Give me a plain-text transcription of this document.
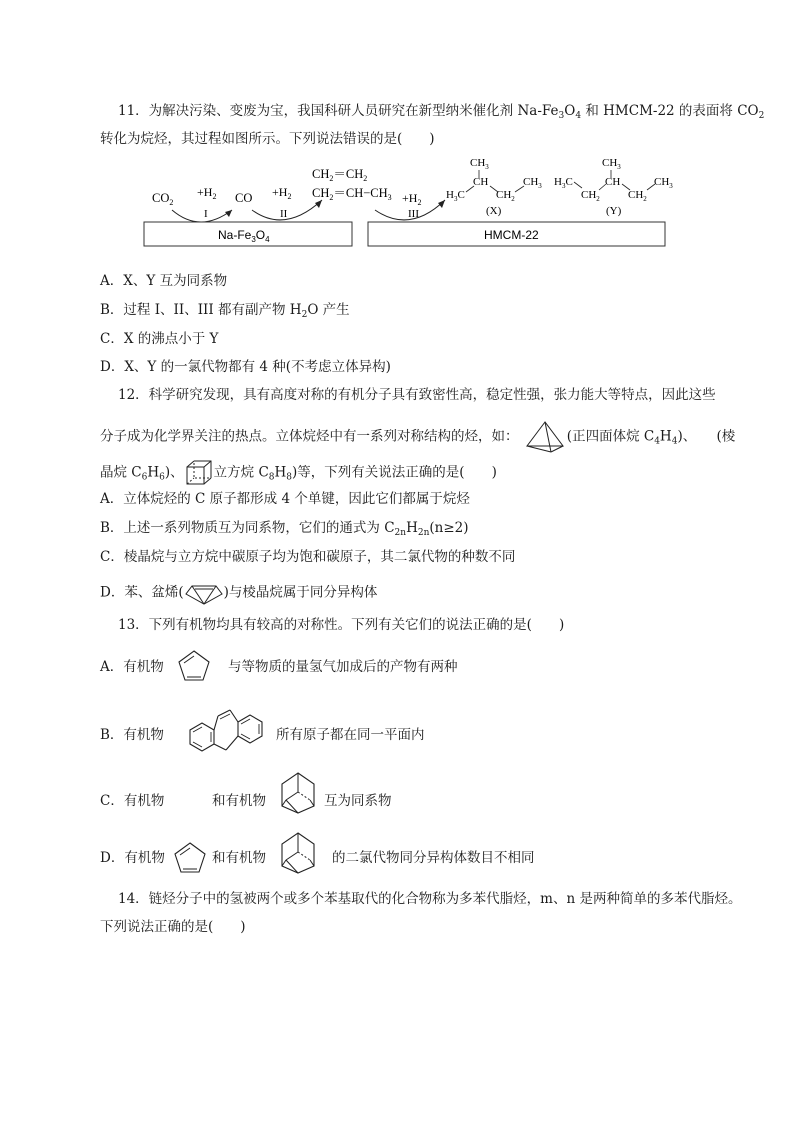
11．为解决污染、变废为宝，我国科研人员研究在新型纳米催化剂 $Na-Fe_3O_4$ 和 HMCM-22 的表面将 $CO_2$
转化为烷烃，其过程如图所示。下列说法错误的是(　　)
$CO_2$
$+H_2$
I
CO $+H_2$
II
$CH_2=CH_2$
$CH_2=CH-CH_3 +H_2$
III
$CH_3$
CH
$H_3C$	$CH_2$
$CH_3$
(X)
$CH_3$
CH
$H_3C$
$CH_2$	$CH_2$
$CH_3$
(Y)
$Na-Fe_3O_4$	HMCM-22
A．X、Y 互为同系物
B．过程 I、II、III 都有副产物 $H_2O$ 产生
C．X 的沸点小于 Y
D．X、Y 的一氯代物都有 4 种(不考虑立体异构)
12．科学研究发现，具有高度对称的有机分子具有致密性高，稳定性强，张力能大等特点，因此这些
分子成为化学界关注的热点。立体烷烃中有一系列对称结构的烃，如：	(正四面体烷 $C_4H_4$)、　　(棱
晶烷 $C_6H_6$)、 立方烷 $C_8H_8$)等，下列有关说法正确的是(　　)
A．立体烷烃的 C 原子都形成 4 个单键，因此它们都属于烷烃
B．上述一系列物质互为同系物，它们的通式为 $C_{2n}H_{2n}(n\ge 2)$
C．棱晶烷与立方烷中碳原子均为饱和碳原子，其二氯代物的种数不同
D．苯、盆烯(	)与棱晶烷属于同分异构体
13．下列有机物均具有较高的对称性。下列有关它们的说法正确的是(　　)
A．有机物	与等物质的量氢气加成后的产物有两种
B．有机物	所有原子都在同一平面内
C．有机物	和有机物	互为同系物
D．有机物	和有机物	的二氯代物同分异构体数目不相同
14．链烃分子中的氢被两个或多个苯基取代的化合物称为多苯代脂烃，m、n 是两种简单的多苯代脂烃。
下列说法正确的是(　　)
